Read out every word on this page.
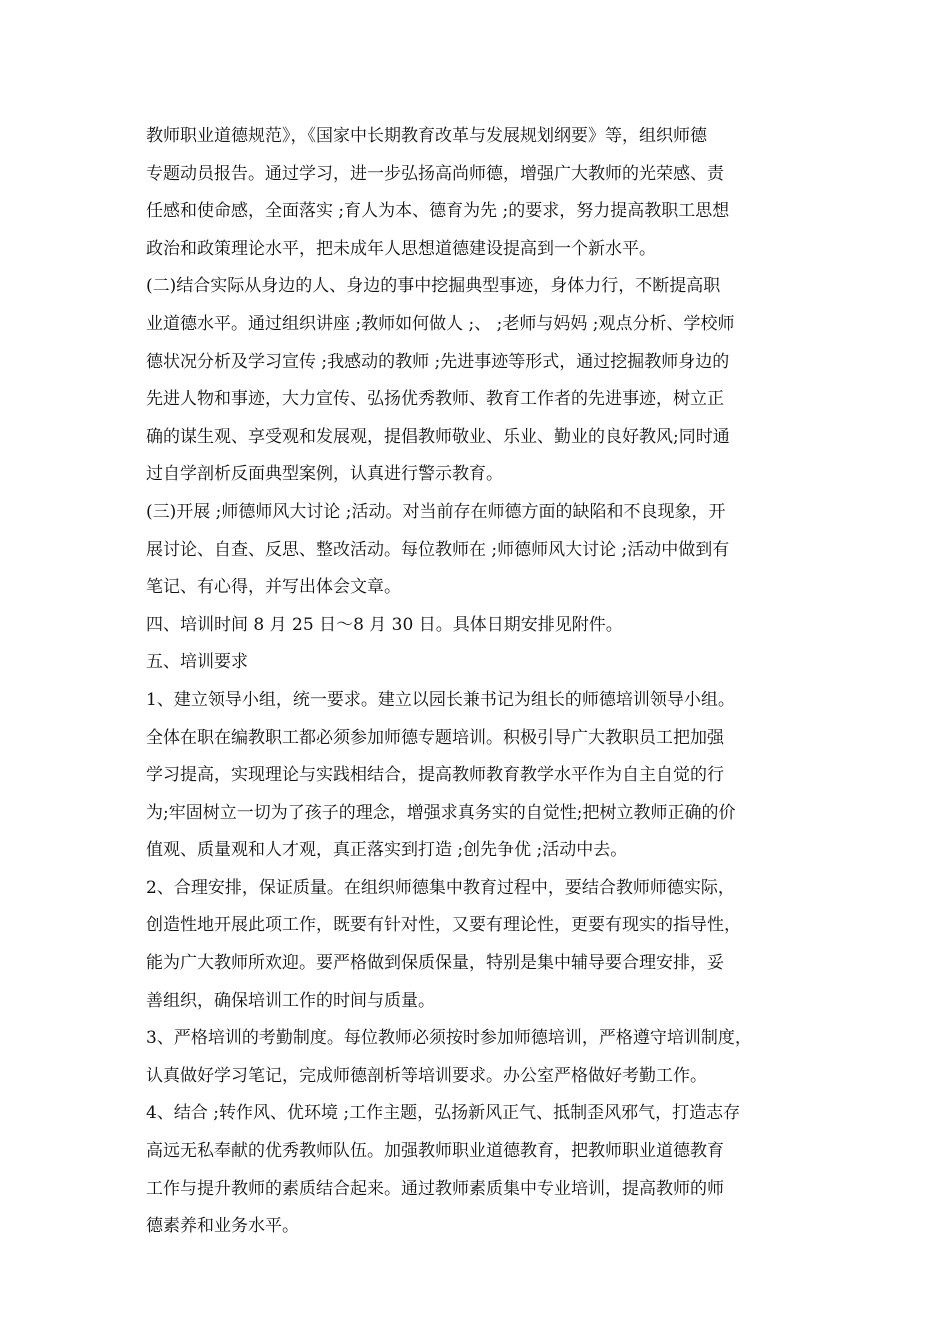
教师职业道德规范》，《国家中长期教育改革与发展规划纲要》等，组织师德
专题动员报告。通过学习，进一步弘扬高尚师德，增强广大教师的光荣感、责
任感和使命感，全面落实 ;育人为本、德育为先 ;的要求，努力提高教职工思想
政治和政策理论水平，把未成年人思想道德建设提高到一个新水平。
(二)结合实际从身边的人、身边的事中挖掘典型事迹，身体力行，不断提高职
业道德水平。通过组织讲座 ;教师如何做人 ;、 ;老师与妈妈 ;观点分析、学校师
德状况分析及学习宣传 ;我感动的教师 ;先进事迹等形式，通过挖掘教师身边的
先进人物和事迹，大力宣传、弘扬优秀教师、教育工作者的先进事迹，树立正
确的谋生观、享受观和发展观，提倡教师敬业、乐业、勤业的良好教风;同时通
过自学剖析反面典型案例，认真进行警示教育。
(三)开展 ;师德师风大讨论 ;活动。对当前存在师德方面的缺陷和不良现象，开
展讨论、自查、反思、整改活动。每位教师在 ;师德师风大讨论 ;活动中做到有
笔记、有心得，并写出体会文章。
四、培训时间 8 月 25 日～8 月 30 日。具体日期安排见附件。
五、培训要求
1、建立领导小组，统一要求。建立以园长兼书记为组长的师德培训领导小组。
全体在职在编教职工都必须参加师德专题培训。积极引导广大教职员工把加强
学习提高，实现理论与实践相结合，提高教师教育教学水平作为自主自觉的行
为;牢固树立一切为了孩子的理念，增强求真务实的自觉性;把树立教师正确的价
值观、质量观和人才观，真正落实到打造 ;创先争优 ;活动中去。
2、合理安排，保证质量。在组织师德集中教育过程中，要结合教师师德实际，
创造性地开展此项工作，既要有针对性，又要有理论性，更要有现实的指导性，
能为广大教师所欢迎。要严格做到保质保量，特别是集中辅导要合理安排，妥
善组织，确保培训工作的时间与质量。
3、严格培训的考勤制度。每位教师必须按时参加师德培训，严格遵守培训制度，
认真做好学习笔记，完成师德剖析等培训要求。办公室严格做好考勤工作。
4、结合 ;转作风、优环境 ;工作主题，弘扬新风正气、抵制歪风邪气，打造志存
高远无私奉献的优秀教师队伍。加强教师职业道德教育，把教师职业道德教育
工作与提升教师的素质结合起来。通过教师素质集中专业培训，提高教师的师
德素养和业务水平。
